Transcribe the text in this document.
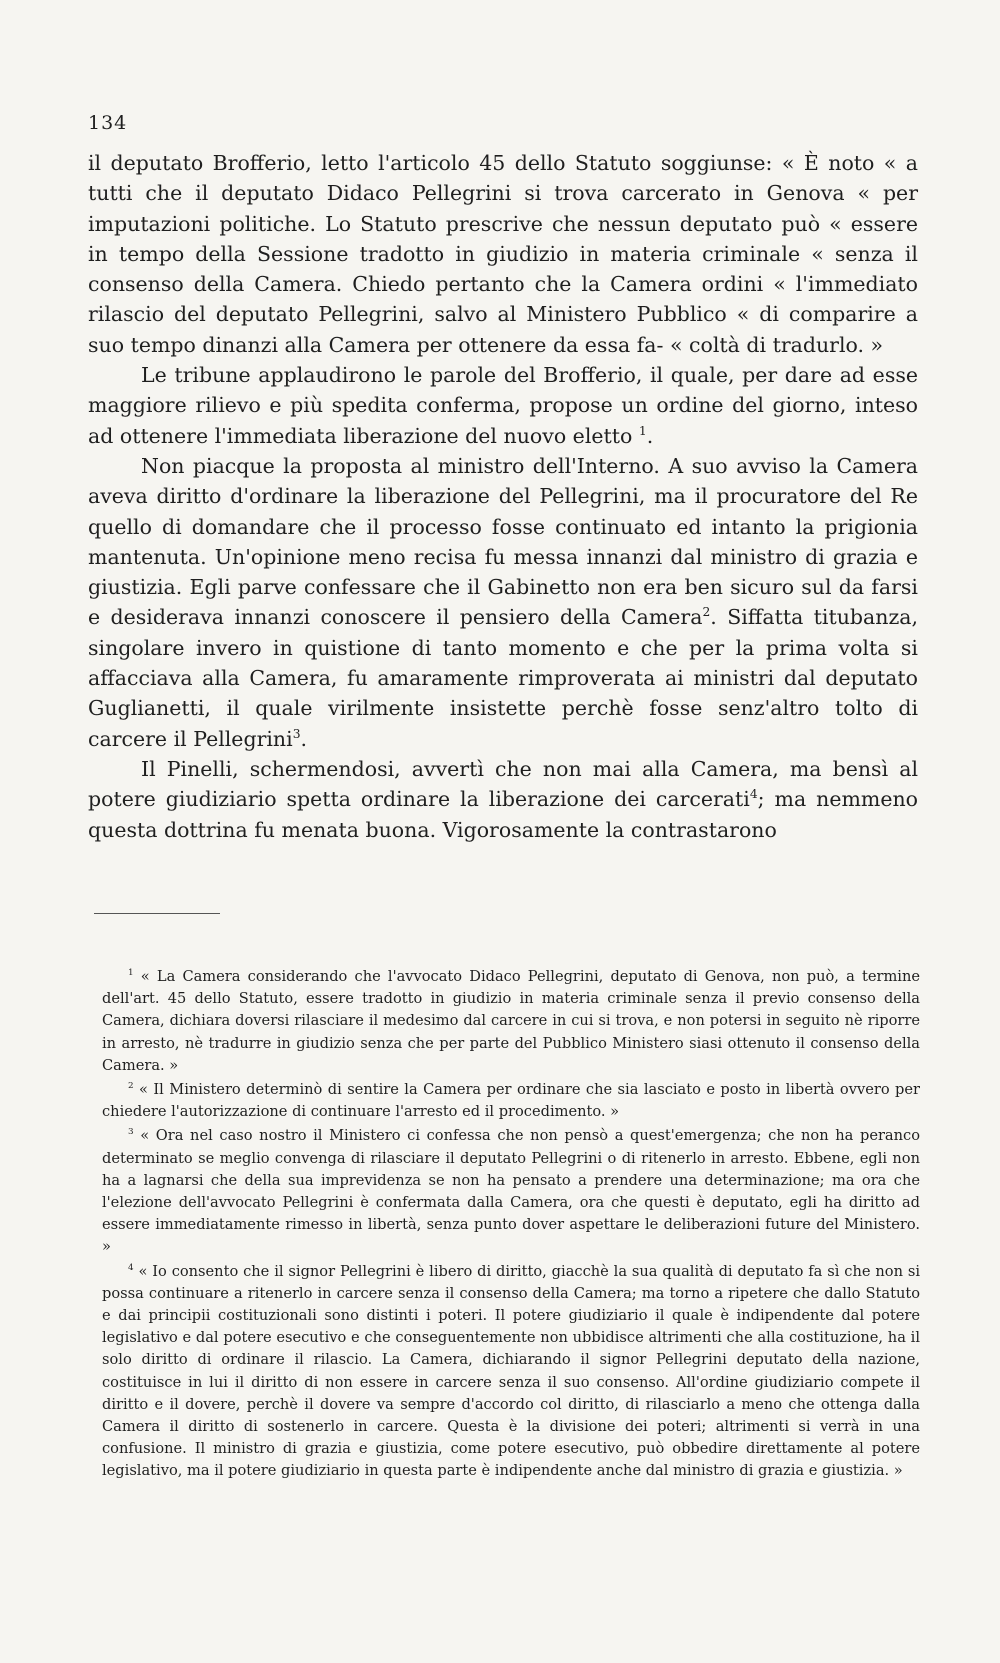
134

il deputato Brofferio, letto l'articolo 45 dello Statuto soggiunse: « È noto « a tutti che il deputato Didaco Pellegrini si trova carcerato in Genova « per imputazioni politiche. Lo Statuto prescrive che nessun deputato può « essere in tempo della Sessione tradotto in giudizio in materia criminale « senza il consenso della Camera. Chiedo pertanto che la Camera ordini « l'immediato rilascio del deputato Pellegrini, salvo al Ministero Pubblico « di comparire a suo tempo dinanzi alla Camera per ottenere da essa fa- « coltà di tradurlo. »

Le tribune applaudirono le parole del Brofferio, il quale, per dare ad esse maggiore rilievo e più spedita conferma, propose un ordine del giorno, inteso ad ottenere l'immediata liberazione del nuovo eletto $^1$.

Non piacque la proposta al ministro dell'Interno. A suo avviso la Camera aveva diritto d'ordinare la liberazione del Pellegrini, ma il procuratore del Re quello di domandare che il processo fosse continuato ed intanto la prigionia mantenuta. Un'opinione meno recisa fu messa innanzi dal ministro di grazia e giustizia. Egli parve confessare che il Gabinetto non era ben sicuro sul da farsi e desiderava innanzi conoscere il pensiero della Camera$^2$. Siffatta titubanza, singolare invero in quistione di tanto momento e che per la prima volta si affacciava alla Camera, fu amaramente rimproverata ai ministri dal deputato Guglianetti, il quale virilmente insistette perchè fosse senz'altro tolto di carcere il Pellegrini$^3$.

Il Pinelli, schermendosi, avvertì che non mai alla Camera, ma bensì al potere giudiziario spetta ordinare la liberazione dei carcerati$^4$; ma nemmeno questa dottrina fu menata buona. Vigorosamente la contrastarono

$^1$ « La Camera considerando che l'avvocato Didaco Pellegrini, deputato di Genova, non può, a termine dell'art. 45 dello Statuto, essere tradotto in giudizio in materia criminale senza il previo consenso della Camera, dichiara doversi rilasciare il medesimo dal carcere in cui si trova, e non potersi in seguito nè riporre in arresto, nè tradurre in giudizio senza che per parte del Pubblico Ministero siasi ottenuto il consenso della Camera. »

$^2$ « Il Ministero determinò di sentire la Camera per ordinare che sia lasciato e posto in libertà ovvero per chiedere l'autorizzazione di continuare l'arresto ed il procedimento. »

$^3$ « Ora nel caso nostro il Ministero ci confessa che non pensò a quest'emergenza; che non ha peranco determinato se meglio convenga di rilasciare il deputato Pellegrini o di ritenerlo in arresto. Ebbene, egli non ha a lagnarsi che della sua imprevidenza se non ha pensato a prendere una determinazione; ma ora che l'elezione dell'avvocato Pellegrini è confermata dalla Camera, ora che questi è deputato, egli ha diritto ad essere immediatamente rimesso in libertà, senza punto dover aspettare le deliberazioni future del Ministero. »

$^4$ « Io consento che il signor Pellegrini è libero di diritto, giacchè la sua qualità di deputato fa sì che non si possa continuare a ritenerlo in carcere senza il consenso della Camera; ma torno a ripetere che dallo Statuto e dai principii costituzionali sono distinti i poteri. Il potere giudiziario il quale è indipendente dal potere legislativo e dal potere esecutivo e che conseguentemente non ubbidisce altrimenti che alla costituzione, ha il solo diritto di ordinare il rilascio. La Camera, dichiarando il signor Pellegrini deputato della nazione, costituisce in lui il diritto di non essere in carcere senza il suo consenso. All'ordine giudiziario compete il diritto e il dovere, perchè il dovere va sempre d'accordo col diritto, di rilasciarlo a meno che ottenga dalla Camera il diritto di sostenerlo in carcere. Questa è la divisione dei poteri; altrimenti si verrà in una confusione. Il ministro di grazia e giustizia, come potere esecutivo, può obbedire direttamente al potere legislativo, ma il potere giudiziario in questa parte è indipendente anche dal ministro di grazia e giustizia. »
